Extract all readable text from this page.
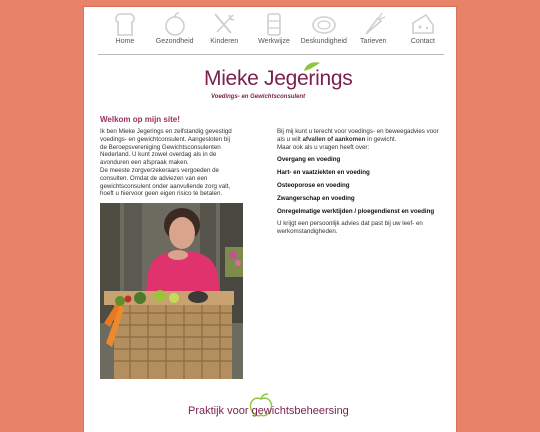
Home	Gezondheid	Kinderen	Werkwijze	Deskundigheid	Tarieven	Contact
Mieke Jegerings
Voedings- en Gewichtsconsulent
Welkom op mijn site!
Ik ben Mieke Jegerings en zelfstandig gevestigd
voedings- en gewichtconsulent. Aangesloten bij
de Beroepsvereniging Gewichtsconsulenten
Nederland. U kunt zowel overdag als in de
avonduren een afspraak maken.
De meeste zorgverzekeraars vergoeden de
consulten. Omdat de adviezen van een
gewichtsconsulent onder aanvullende zorg valt,
hoeft u hiervoor geen eigen risico te betalen.

Bij mij kunt u terecht voor voedings- en beweegadvies voor als u wilt afvallen of aankomen in gewicht.
Maar ook als u vragen heeft over:

Overgang en voeding

Hart- en vaatziekten en voeding

Osteoporose en voeding

Zwangerschap en voeding

Onregelmatige werktijden / ploegendienst en voeding

U krijgt een persoonlijk advies dat past bij uw leef- en werkomstandigheden.

Praktijk voor gewichtsbeheersing
